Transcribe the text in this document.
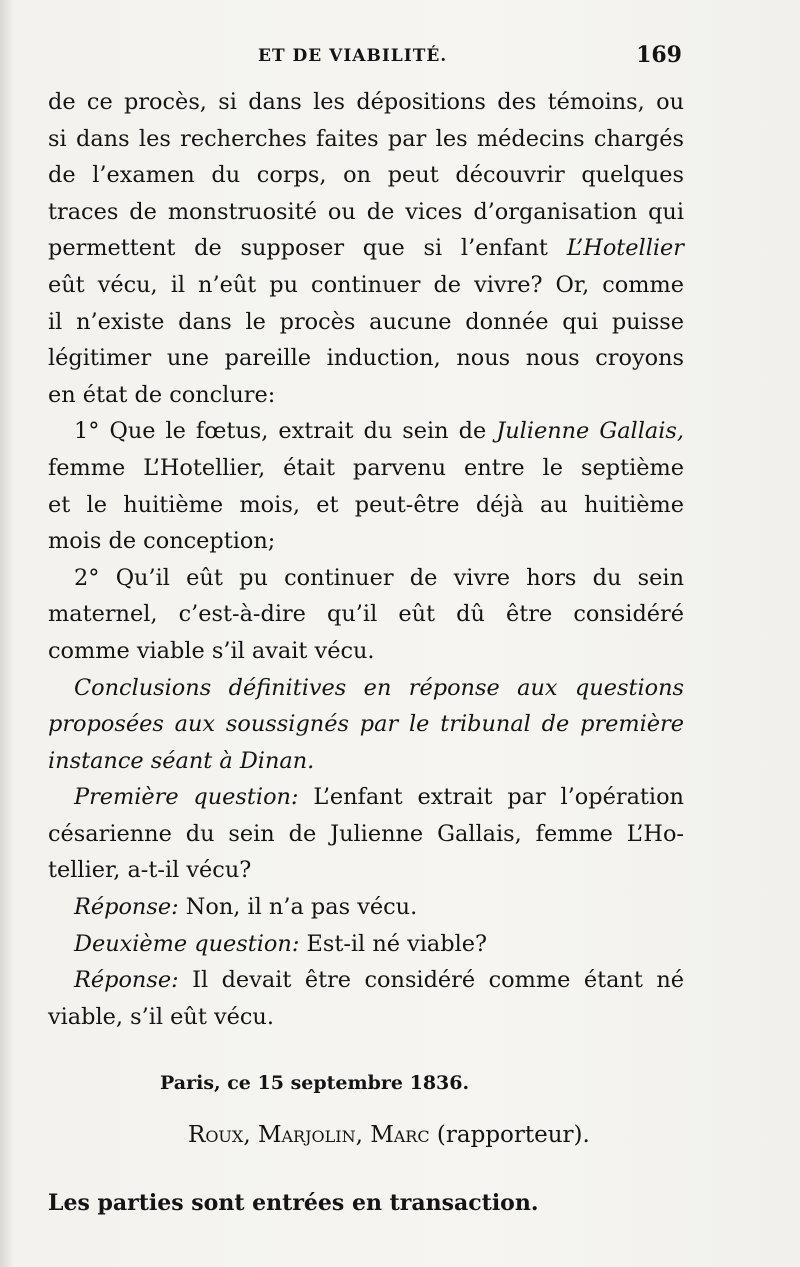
ET DE VIABILITÉ.	169
de ce procès, si dans les dépositions des témoins, ou
si dans les recherches faites par les médecins chargés
de l’examen du corps, on peut découvrir quelques
traces de monstruosité ou de vices d’organisation qui
permettent de supposer que si l’enfant L’Hotellier
eût vécu, il n’eût pu continuer de vivre? Or, comme
il n’existe dans le procès aucune donnée qui puisse
légitimer une pareille induction, nous nous croyons
en état de conclure:
1° Que le fœtus, extrait du sein de Julienne Gallais,
femme L’Hotellier, était parvenu entre le septième
et le huitième mois, et peut-être déjà au huitième
mois de conception;
2° Qu’il eût pu continuer de vivre hors du sein
maternel, c’est-à-dire qu’il eût dû être considéré
comme viable s’il avait vécu.
Conclusions définitives en réponse aux questions
proposées aux soussignés par le tribunal de première
instance séant à Dinan.
Première question: L’enfant extrait par l’opération
césarienne du sein de Julienne Gallais, femme L’Ho-
tellier, a-t-il vécu?
Réponse: Non, il n’a pas vécu.
Deuxième question: Est-il né viable?
Réponse: Il devait être considéré comme étant né
viable, s’il eût vécu.
Paris, ce 15 septembre 1836.
Roux, Marjolin, Marc (rapporteur).
Les parties sont entrées en transaction.
